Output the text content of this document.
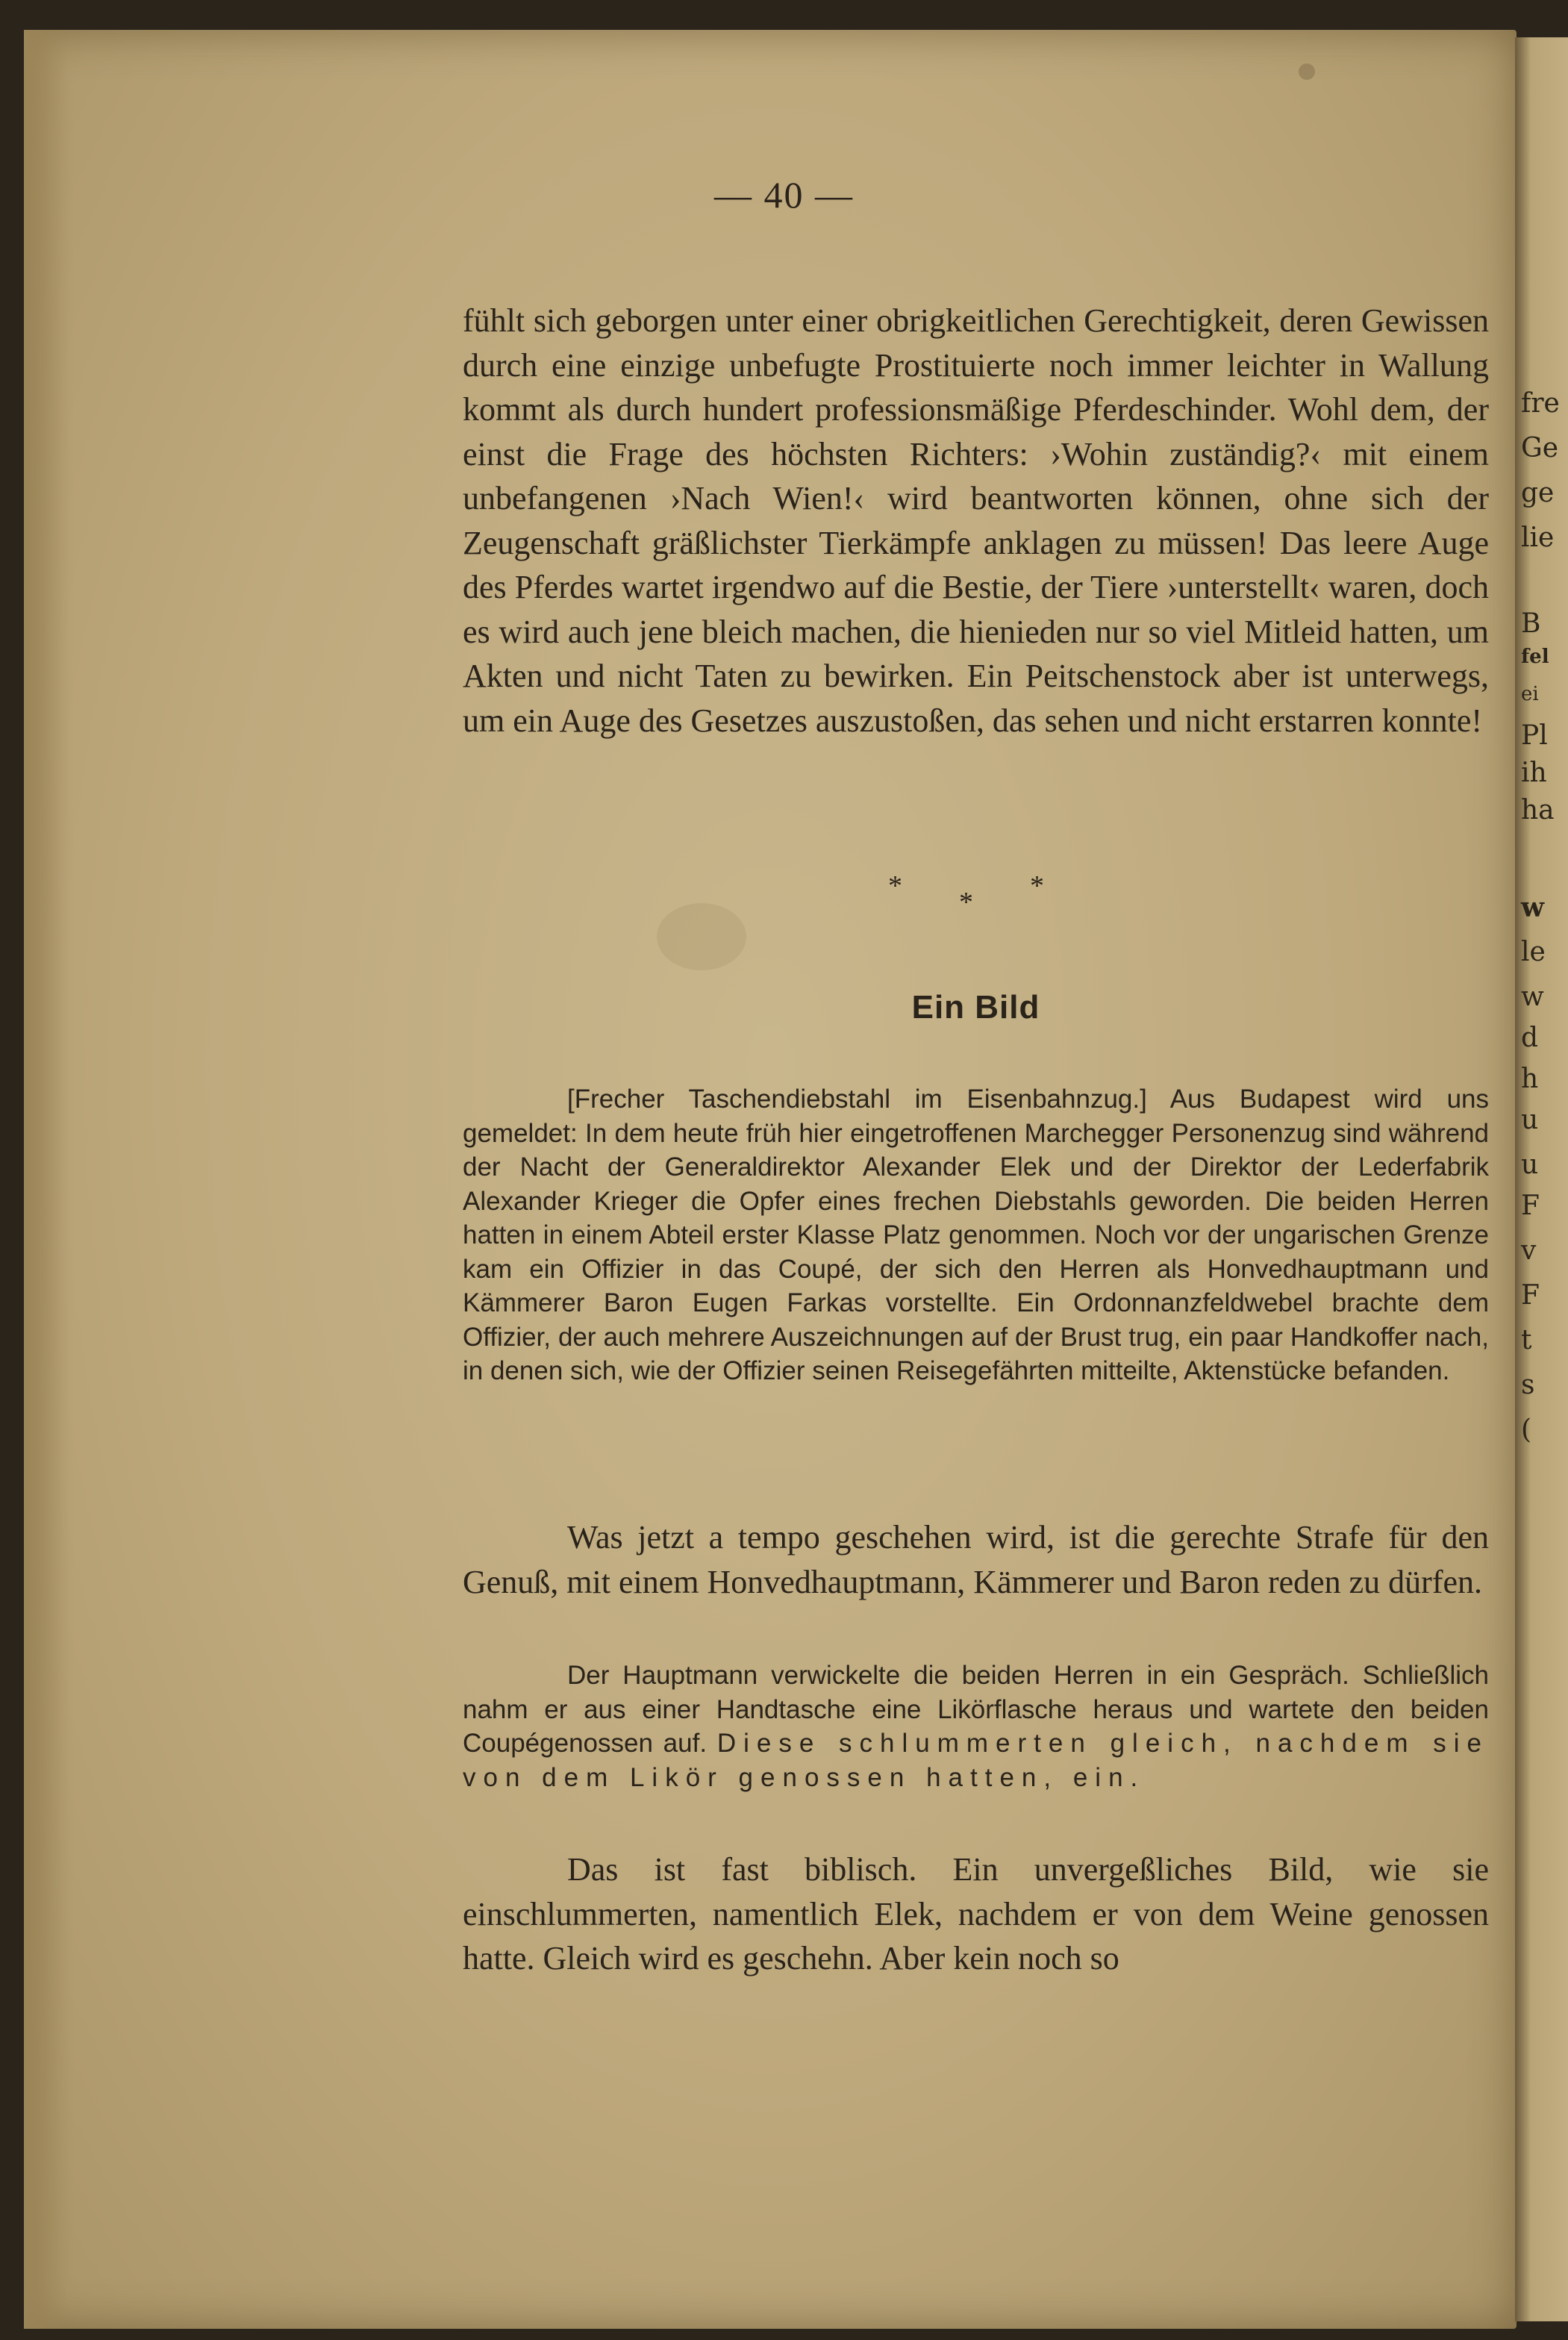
fre
Ge
ge
lie
B
fel
ei
Pl
ih
ha
w
le
w
d
h
u
u
F
v
F
t
s
(
— 40 —

fühlt sich geborgen unter einer obrigkeitlichen Gerechtigkeit, deren Gewissen durch eine einzige unbefugte Prostituierte noch immer leichter in Wallung kommt als durch hundert professionsmäßige Pferdeschinder. Wohl dem, der einst die Frage des höchsten Richters: ›Wohin zuständig?‹ mit einem unbefangenen ›Nach Wien!‹ wird beantworten können, ohne sich der Zeugenschaft gräßlichster Tierkämpfe anklagen zu müssen! Das leere Auge des Pferdes wartet irgendwo auf die Bestie, der Tiere ›unterstellt‹ waren, doch es wird auch jene bleich machen, die hienieden nur so viel Mitleid hatten, um Akten und nicht Taten zu bewirken. Ein Peitschenstock aber ist unterwegs, um ein Auge des Gesetzes auszustoßen, das sehen und nicht erstarren konnte!

*
*
*
Ein Bild

[Frecher Taschendiebstahl im Eisenbahnzug.] Aus Budapest wird uns gemeldet: In dem heute früh hier eingetroffenen Marchegger Personenzug sind während der Nacht der Generaldirektor Alexander Elek und der Direktor der Lederfabrik Alexander Krieger die Opfer eines frechen Diebstahls geworden. Die beiden Herren hatten in einem Abteil erster Klasse Platz genommen. Noch vor der ungarischen Grenze kam ein Offizier in das Coupé, der sich den Herren als Honvedhauptmann und Kämmerer Baron Eugen Farkas vorstellte. Ein Ordonnanzfeldwebel brachte dem Offizier, der auch mehrere Auszeichnungen auf der Brust trug, ein paar Handkoffer nach, in denen sich, wie der Offizier seinen Reisegefährten mitteilte, Aktenstücke befanden.

Was jetzt a tempo geschehen wird, ist die gerechte Strafe für den Genuß, mit einem Honvedhauptmann, Kämmerer und Baron reden zu dürfen.

Der Hauptmann verwickelte die beiden Herren in ein Gespräch. Schließlich nahm er aus einer Handtasche eine Likörflasche heraus und wartete den beiden Coupégenossen auf. Diese schlummerten gleich, nachdem sie von dem Likör genossen hatten, ein.

Das ist fast biblisch. Ein unvergeßliches Bild, wie sie einschlummerten, namentlich Elek, nachdem er von dem Weine genossen hatte. Gleich wird es geschehn. Aber kein noch so
